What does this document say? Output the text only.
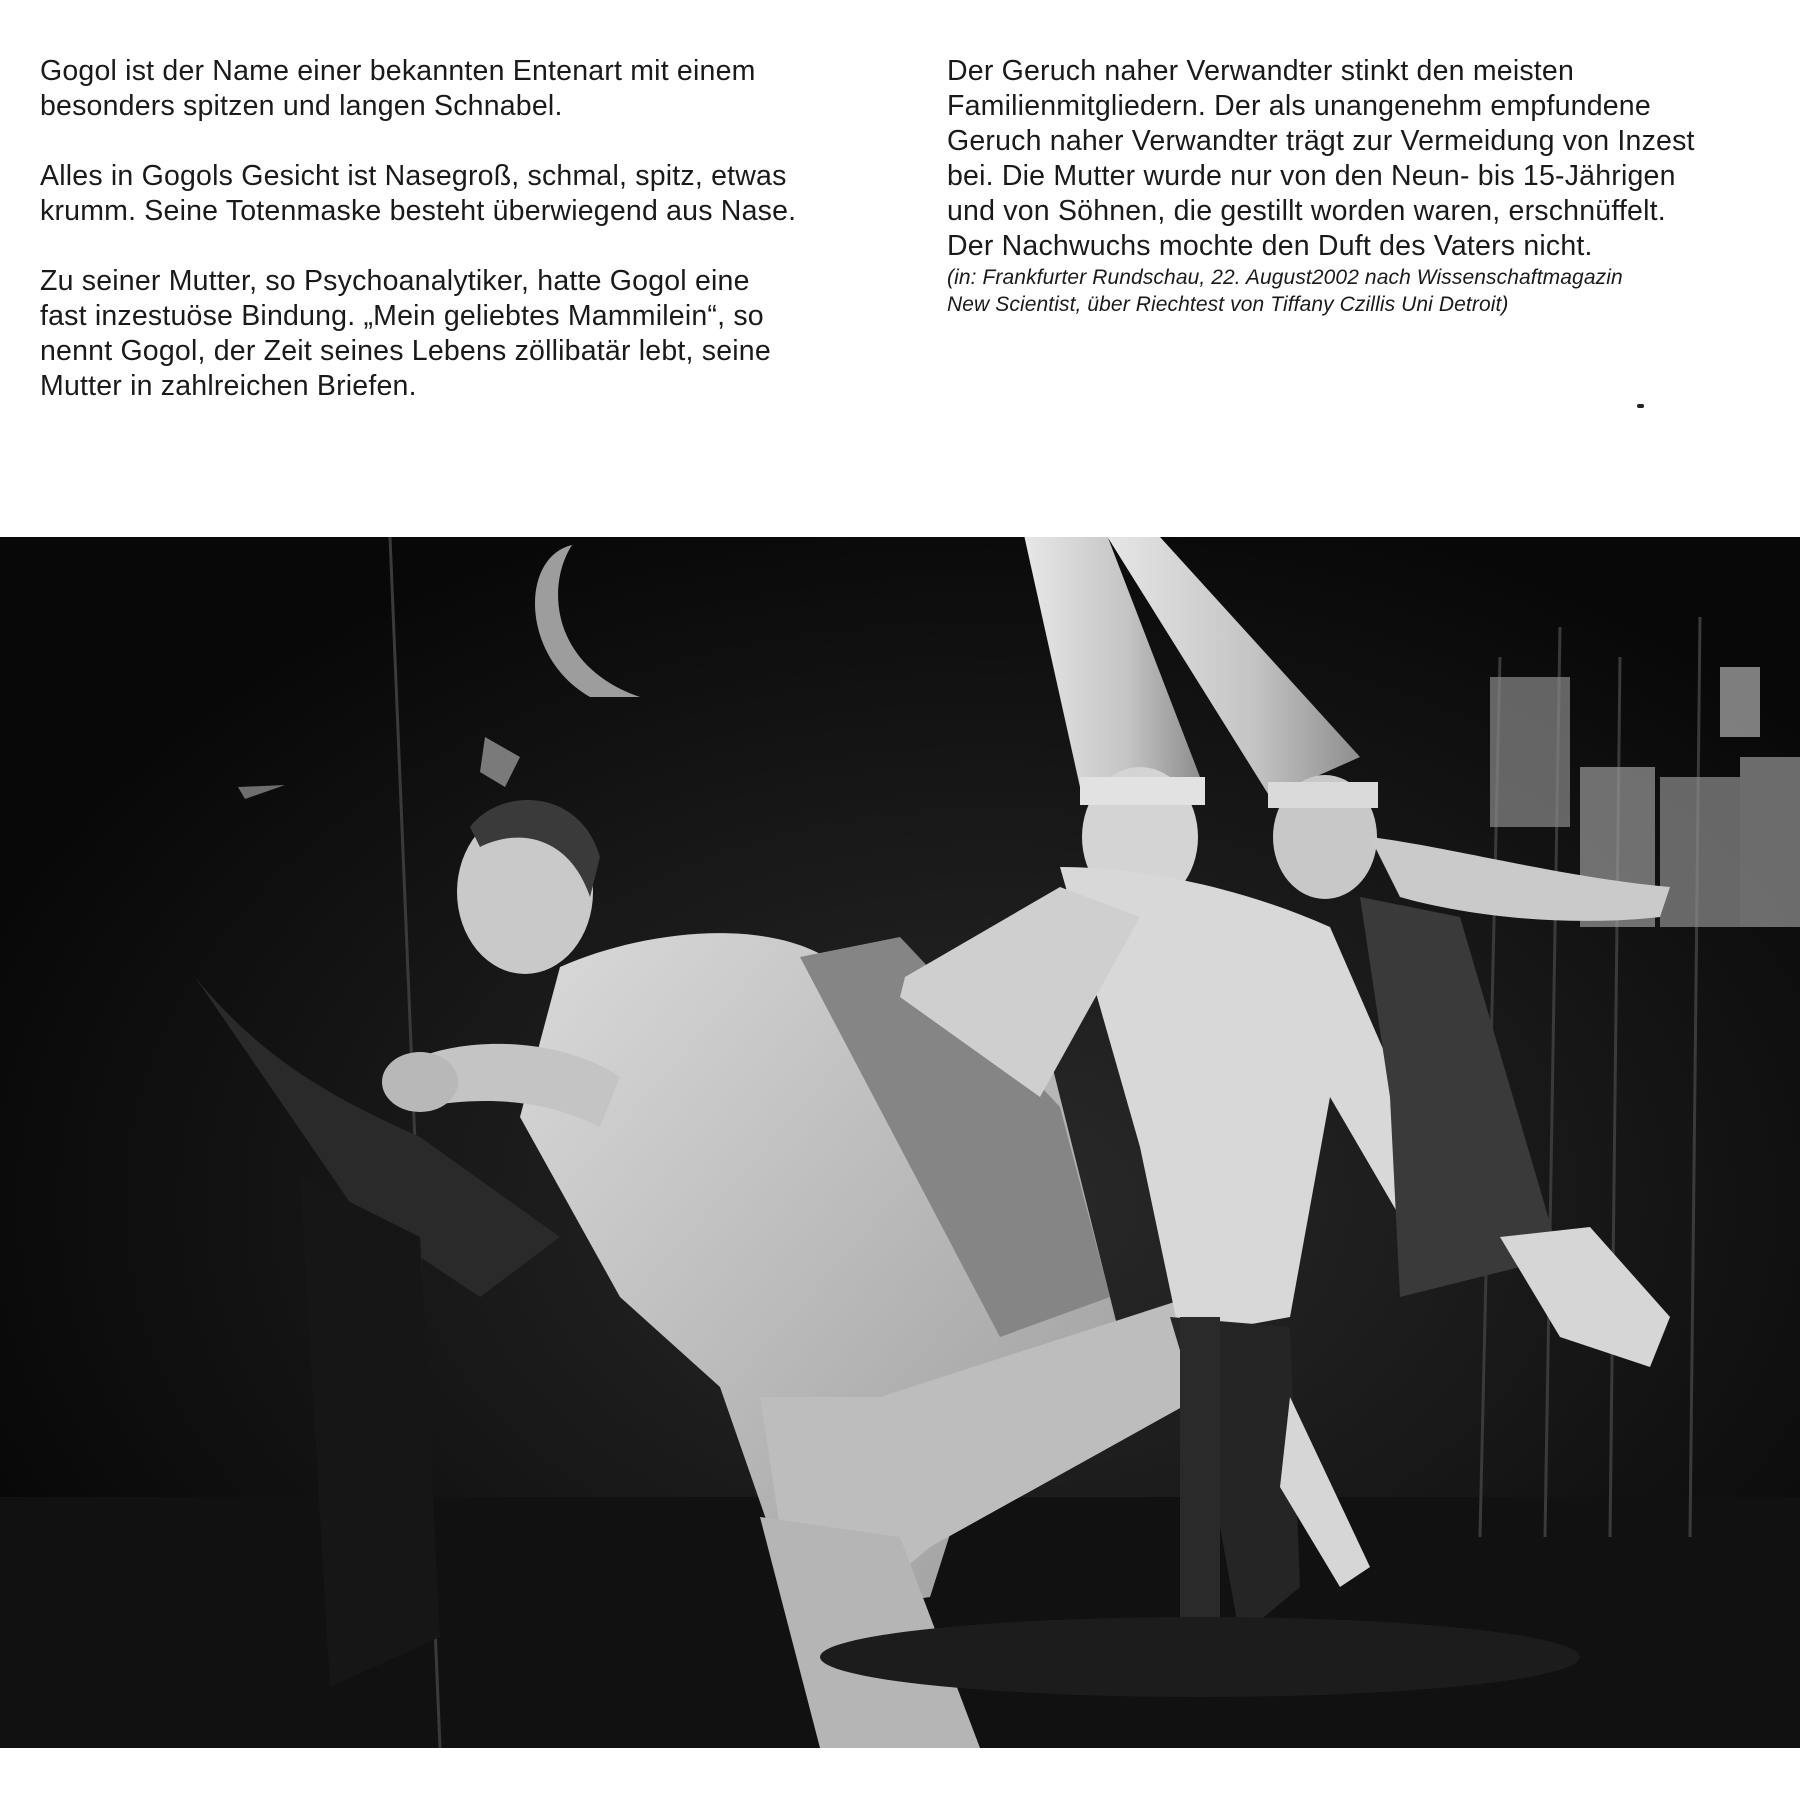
Gogol ist der Name einer bekannten Entenart mit einem
besonders spitzen und langen Schnabel.

Alles in Gogols Gesicht ist Nasegroß, schmal, spitz, etwas
krumm. Seine Totenmaske besteht überwiegend aus Nase.

Zu seiner Mutter, so Psychoanalytiker, hatte Gogol eine
fast inzestuöse Bindung. „Mein geliebtes Mammilein“, so
nennt Gogol, der Zeit seines Lebens zöllibatär lebt, seine
Mutter in zahlreichen Briefen.

Der Geruch naher Verwandter stinkt den meisten
Familienmitgliedern. Der als unangenehm empfundene
Geruch naher Verwandter trägt zur Vermeidung von Inzest
bei. Die Mutter wurde nur von den Neun- bis 15-Jährigen
und von Söhnen, die gestillt worden waren, erschnüffelt.
Der Nachwuchs mochte den Duft des Vaters nicht.

(in: Frankfurter Rundschau, 22. August2002 nach Wissenschaftmagazin
New Scientist, über Riechtest von Tiffany Czillis Uni Detroit)
